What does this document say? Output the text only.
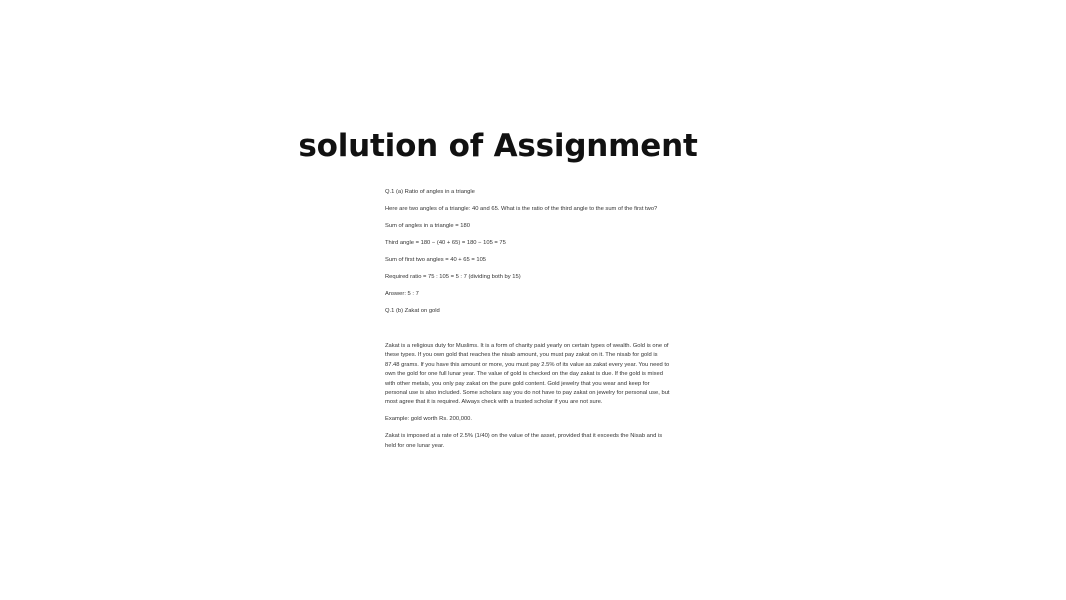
solution of Assignment

Q.1 (a) Ratio of angles in a triangle

Here are two angles of a triangle: 40 and 65. What is the ratio of the third angle to the sum of the first two?

Sum of angles in a triangle = 180

Third angle = 180 − (40 + 65) = 180 − 105 = 75

Sum of first two angles = 40 + 65 = 105

Required ratio = 75 : 105 = 5 : 7 (dividing both by 15)

Answer: 5 : 7

Q.1 (b) Zakat on gold

Zakat is a religious duty for Muslims. It is a form of charity paid yearly on certain types of wealth. Gold is one of these types. If you own gold that reaches the nisab amount, you must pay zakat on it. The nisab for gold is 87.48 grams. If you have this amount or more, you must pay 2.5% of its value as zakat every year. You need to own the gold for one full lunar year. The value of gold is checked on the day zakat is due. If the gold is mixed with other metals, you only pay zakat on the pure gold content. Gold jewelry that you wear and keep for personal use is also included. Some scholars say you do not have to pay zakat on jewelry for personal use, but most agree that it is required. Always check with a trusted scholar if you are not sure.

Example: gold worth Rs. 200,000.

Zakat is imposed at a rate of 2.5% (1/40) on the value of the asset, provided that it exceeds the Nisab and is held for one lunar year.
